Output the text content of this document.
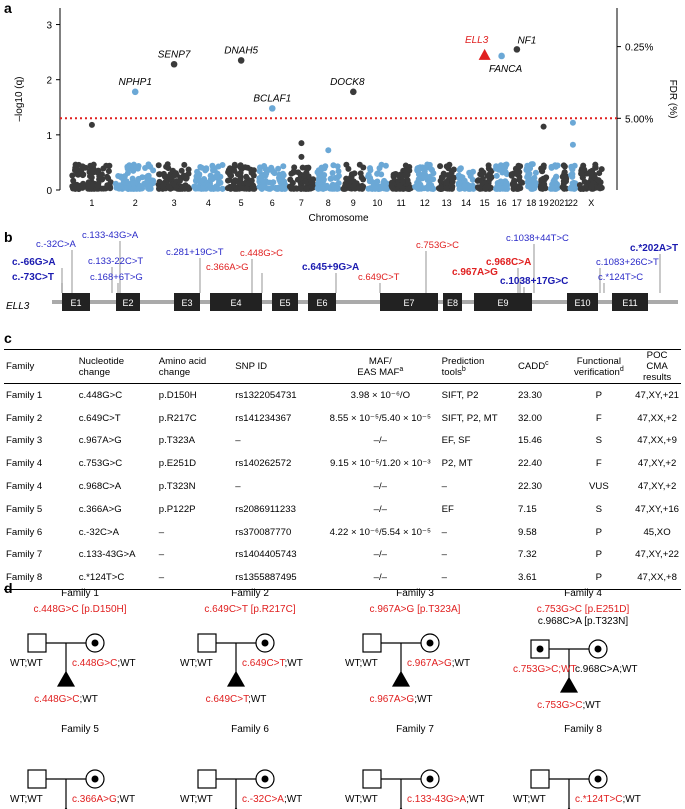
a
b
c
d
0
1
2
3
5.00%
0.25%
–log10 (q)	FDR (%)
1	2	3	4	5	6	7 8 9 10 11 12 13 14 15 16 17 18 19 20 21
22 X
Chromosome
NPHP1
SENP7	DNAH5
BCLAF1
DOCK8
ELL3
FANCA
NF1
E1	E2	E3	E4	E5	E6	E7	E8	E9	E10	E11
c.-32C>A
c.133-43G>A
c.-66G>A
c.-73C>T
c.133-22C>T
c.168+6T>G
c.281+19C>T c.448G>C
c.366A>G	c.645+9G>A
c.753G>C
c.649C>T
c.968C>A
c.967A>G
c.1038+44T>C
c.1038+17G>C
c.1083+26C>T
c.*202A>T
c.*124T>C
ELL3
Family	Nucleotide
change	Amino acid
change	SNP ID	MAF/
EAS MAF$^a$	Prediction
tools$^b$	CADD$^c$	Functional
verification$^d$	POC CMA
results
Family 1	c.448G>C	p.D150H	rs1322054731	3.98 × 10⁻⁶/O	SIFT, P2	23.30	P	47,XY,+21
Family 2	c.649C>T	p.R217C	rs141234367	8.55 × 10⁻⁵/5.40 × 10⁻⁵	SIFT, P2, MT	32.00	F	47,XX,+2
Family 3	c.967A>G	p.T323A	–	–/–	EF, SF	15.46	S	47,XX,+9
Family 4	c.753G>C	p.E251D	rs140262572	9.15 × 10⁻⁵/1.20 × 10⁻³	P2, MT	22.40	F	47,XY,+2
Family 4	c.968C>A	p.T323N	–	–/–	–	22.30	VUS	47,XY,+2
Family 5	c.366A>G	p.P122P	rs2086911233	–/–	EF	7.15	S	47,XY,+16
Family 6	c.-32C>A	–	rs370087770	4.22 × 10⁻⁶/5.54 × 10⁻⁵	–	9.58	P	45,XO
Family 7	c.133-43G>A	–	rs1404405743	–/–	–	7.32	P	47,XY,+22
Family 8	c.*124T>C	–	rs1355887495	–/–	–	3.61	P	47,XX,+8
Family 1
c.448G>C [p.D150H]
WT;WT	c.448G>C;WT
c.448G>C;WT
Family 2
c.649C>T [p.R217C]
WT;WT	c.649C>T;WT
c.649C>T;WT
Family 3
c.967A>G [p.T323A]
WT;WT	c.967A>G;WT
c.967A>G;WT
Family 4
c.753G>C [p.E251D]
c.968C>A [p.T323N]
c.753G>C;WT
c.968C>A;WT
c.753G>C;WT
Family 5
WT;WT	c.366A>G;WT
Family 6
WT;WT	c.-32C>A;WT
Family 7
WT;WT	c.133-43G>A;WT
Family 8
WT;WT	c.*124T>C;WT
